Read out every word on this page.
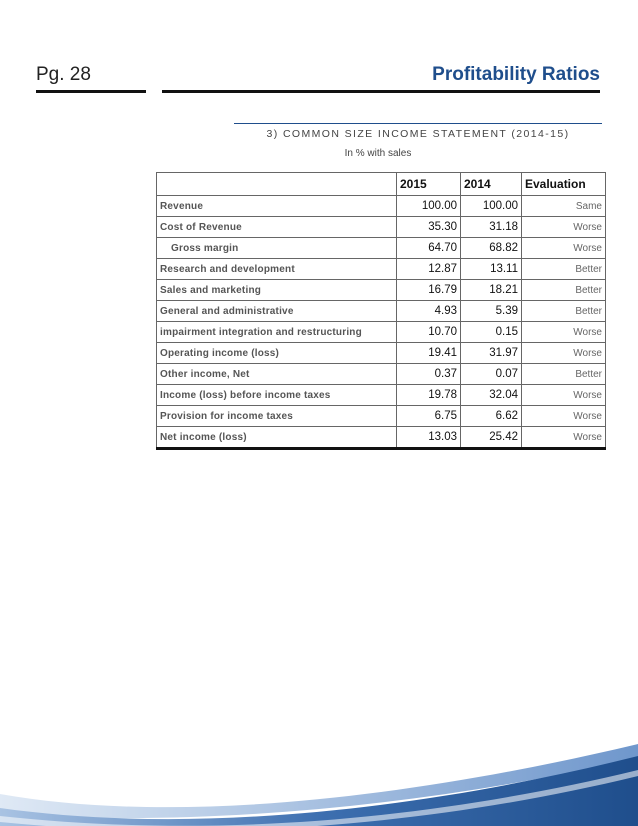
Pg. 28	Profitability Ratios
3) COMMON SIZE INCOME STATEMENT (2014-15)
In % with sales
	2015	2014	Evaluation
Revenue	100.00	100.00	Same
Cost of Revenue	35.30	31.18	Worse
Gross margin	64.70	68.82	Worse
Research and development	12.87	13.11	Better
Sales and marketing	16.79	18.21	Better
General and administrative	4.93	5.39	Better
impairment integration and restructuring	10.70	0.15	Worse
Operating income (loss)	19.41	31.97	Worse
Other income, Net	0.37	0.07	Better
Income (loss) before income taxes	19.78	32.04	Worse
Provision for income taxes	6.75	6.62	Worse
Net income (loss)	13.03	25.42	Worse
